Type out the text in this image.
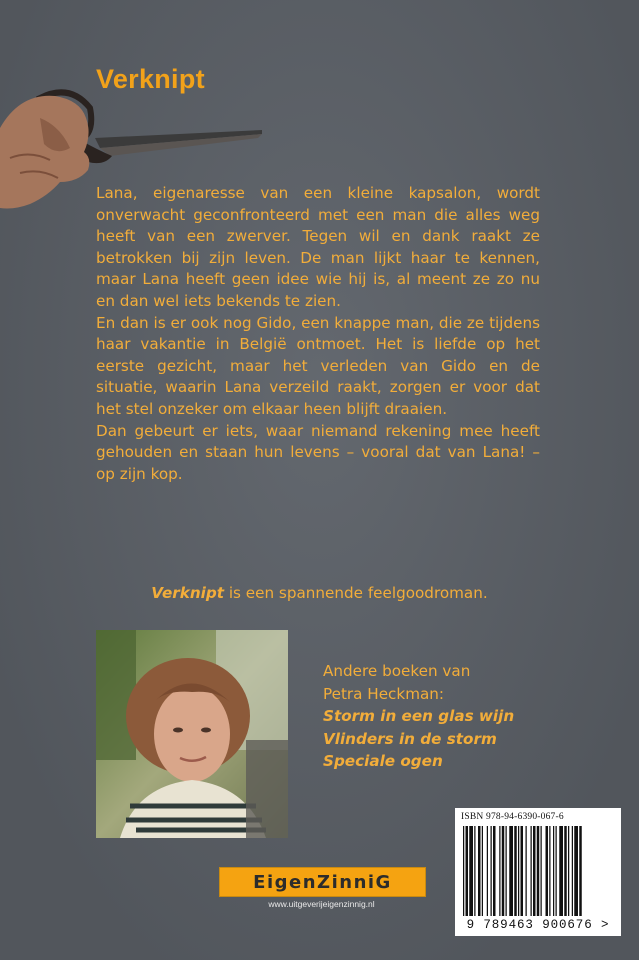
Verknipt

Lana, eigenaresse van een kleine kapsalon, wordt onverwacht geconfronteerd met een man die alles weg heeft van een zwerver. Tegen wil en dank raakt ze betrokken bij zijn leven. De man lijkt haar te kennen, maar Lana heeft geen idee wie hij is, al meent ze zo nu en dan wel iets bekends te zien.

En dan is er ook nog Gido, een knappe man, die ze tijdens haar vakantie in België ontmoet. Het is liefde op het eerste gezicht, maar het verleden van Gido en de situatie, waarin Lana verzeild raakt, zorgen er voor dat het stel onzeker om elkaar heen blijft draaien.

Dan gebeurt er iets, waar niemand rekening mee heeft gehouden en staan hun levens – vooral dat van Lana! – op zijn kop.

Verknipt is een spannende feelgoodroman.
Andere boeken van
Petra Heckman:
Storm in een glas wijn
Vlinders in de storm
Speciale ogen
ISBN 978-94-6390-067-6
9 789463 900676 >
EigenZinniG
www.uitgeverijeigenzinnig.nl
